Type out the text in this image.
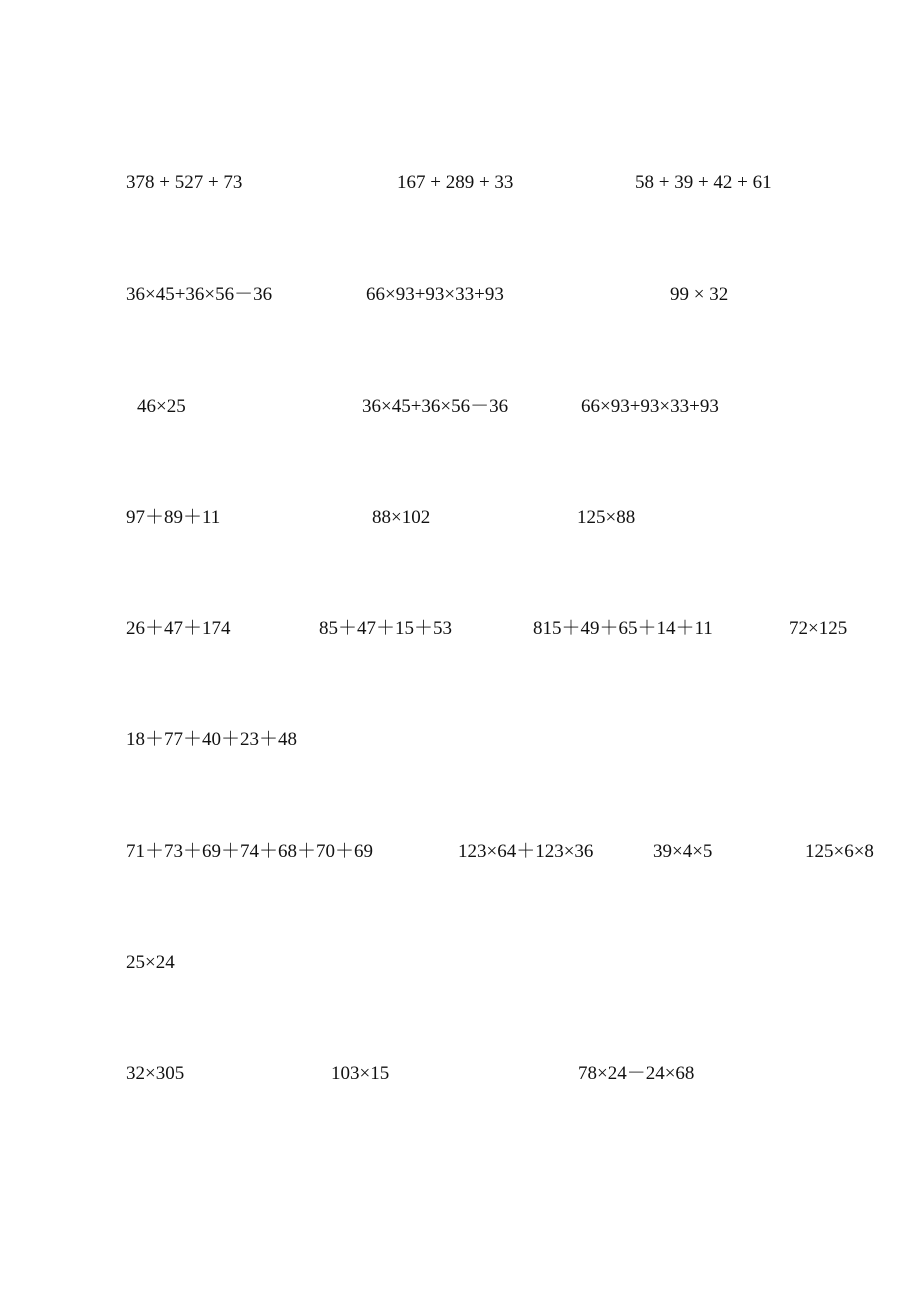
378 + 527 + 73	167 + 289 + 33	58 + 39 + 42 + 61
36×45+36×56－36	66×93+93×33+93	99 × 32
46×25	36×45+36×56－36	66×93+93×33+93
97＋89＋11	88×102	125×88
26＋47＋174	85＋47＋15＋53	815＋49＋65＋14＋11	72×125
18＋77＋40＋23＋48
71＋73＋69＋74＋68＋70＋69	123×64＋123×36	39×4×5	125×6×8
25×24
32×305	103×15	78×24－24×68
